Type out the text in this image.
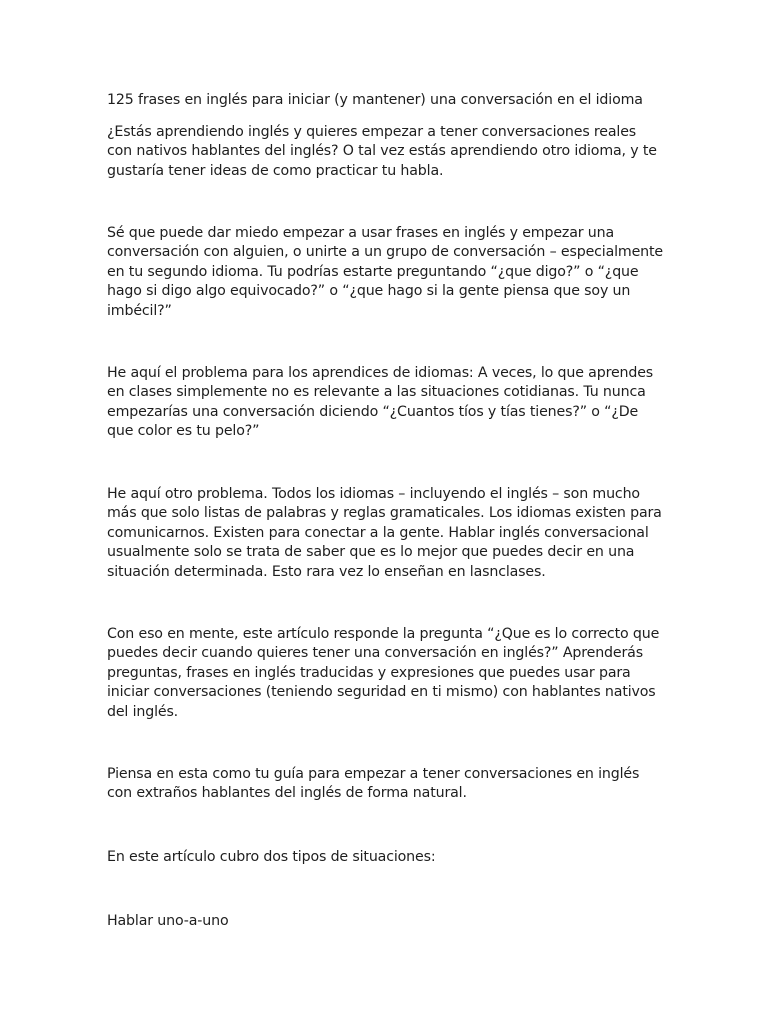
125 frases en inglés para iniciar (y mantener) una conversación en el idioma

¿Estás aprendiendo inglés y quieres empezar a tener conversaciones reales
con nativos hablantes del inglés? O tal vez estás aprendiendo otro idioma, y te
gustaría tener ideas de como practicar tu habla.

Sé que puede dar miedo empezar a usar frases en inglés y empezar una
conversación con alguien, o unirte a un grupo de conversación – especialmente
en tu segundo idioma. Tu podrías estarte preguntando “¿que digo?” o “¿que
hago si digo algo equivocado?” o “¿que hago si la gente piensa que soy un
imbécil?”

He aquí el problema para los aprendices de idiomas: A veces, lo que aprendes
en clases simplemente no es relevante a las situaciones cotidianas. Tu nunca
empezarías una conversación diciendo “¿Cuantos tíos y tías tienes?” o “¿De
que color es tu pelo?”

He aquí otro problema. Todos los idiomas – incluyendo el inglés – son mucho
más que solo listas de palabras y reglas gramaticales. Los idiomas existen para
comunicarnos. Existen para conectar a la gente. Hablar inglés conversacional
usualmente solo se trata de saber que es lo mejor que puedes decir en una
situación determinada. Esto rara vez lo enseñan en lasnclases.

Con eso en mente, este artículo responde la pregunta “¿Que es lo correcto que
puedes decir cuando quieres tener una conversación en inglés?” Aprenderás
preguntas, frases en inglés traducidas y expresiones que puedes usar para
iniciar conversaciones (teniendo seguridad en ti mismo) con hablantes nativos
del inglés.

Piensa en esta como tu guía para empezar a tener conversaciones en inglés
con extraños hablantes del inglés de forma natural.

En este artículo cubro dos tipos de situaciones:

Hablar uno-a-uno
